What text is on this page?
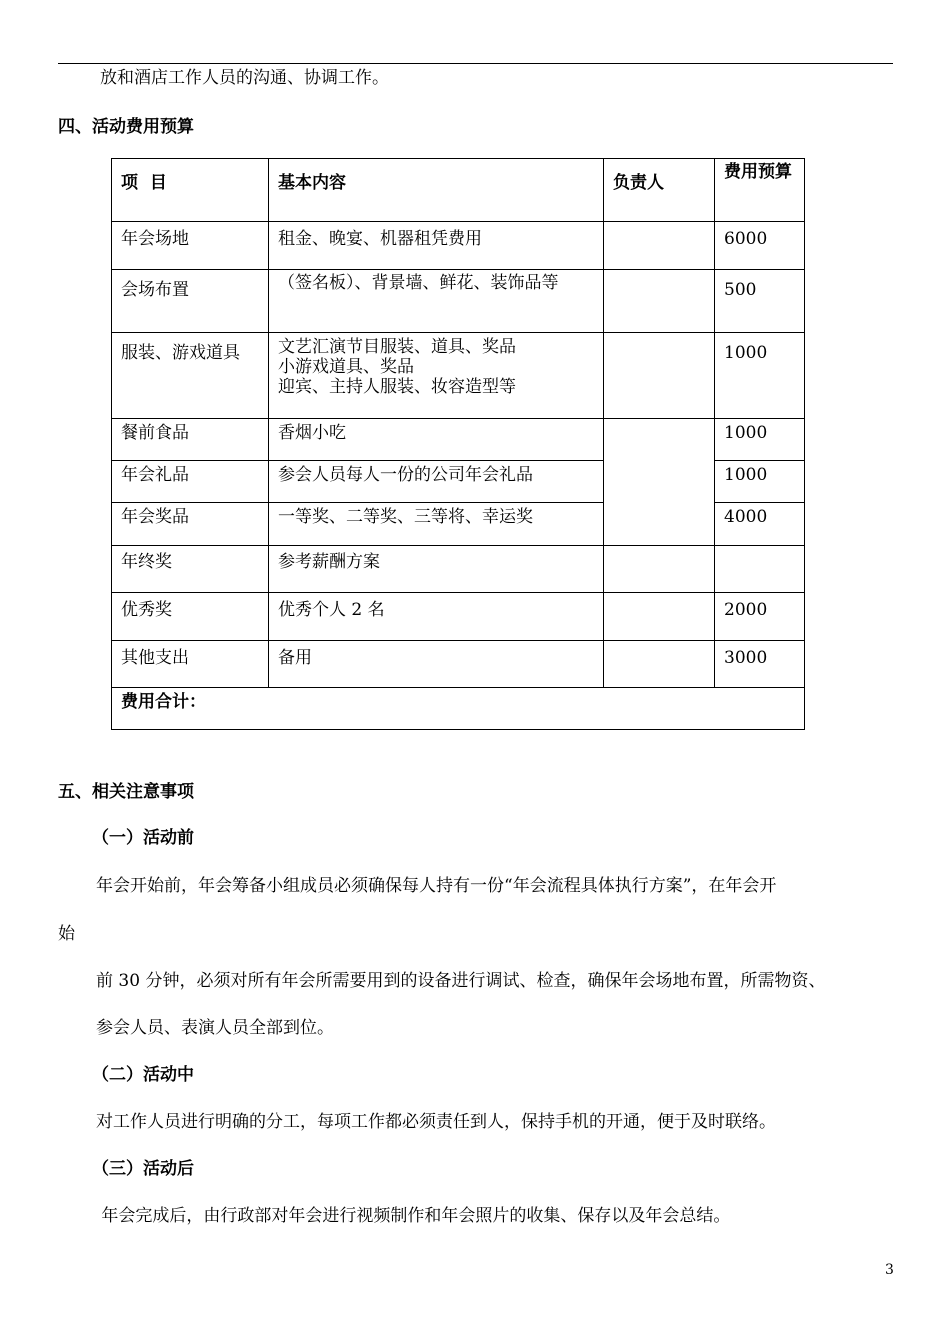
放和酒店工作人员的沟通、协调工作。
四、活动费用预算
项  目	基本内容	负责人	费用预算
年会场地	租金、晚宴、机器租凭费用		6000
会场布置	（签名板）、背景墙、鲜花、装饰品等		500
服装、游戏道具	文艺汇演节目服装、道具、奖品
小游戏道具、奖品
迎宾、主持人服装、妆容造型等		1000
餐前食品	香烟小吃		1000
年会礼品	参会人员每人一份的公司年会礼品		1000
年会奖品	一等奖、二等奖、三等将、幸运奖		4000
年终奖	参考薪酬方案		

优秀奖	优秀个人 2 名		2000
其他支出	备用		3000
费用合计：			
五、相关注意事项
（一）活动前
年会开始前，年会筹备小组成员必须确保每人持有一份“年会流程具体执行方案”，在年会开
始
前 30 分钟，必须对所有年会所需要用到的设备进行调试、检查，确保年会场地布置，所需物资、
参会人员、表演人员全部到位。
（二）活动中
对工作人员进行明确的分工，每项工作都必须责任到人，保持手机的开通，便于及时联络。
（三）活动后
年会完成后，由行政部对年会进行视频制作和年会照片的收集、保存以及年会总结。
3
